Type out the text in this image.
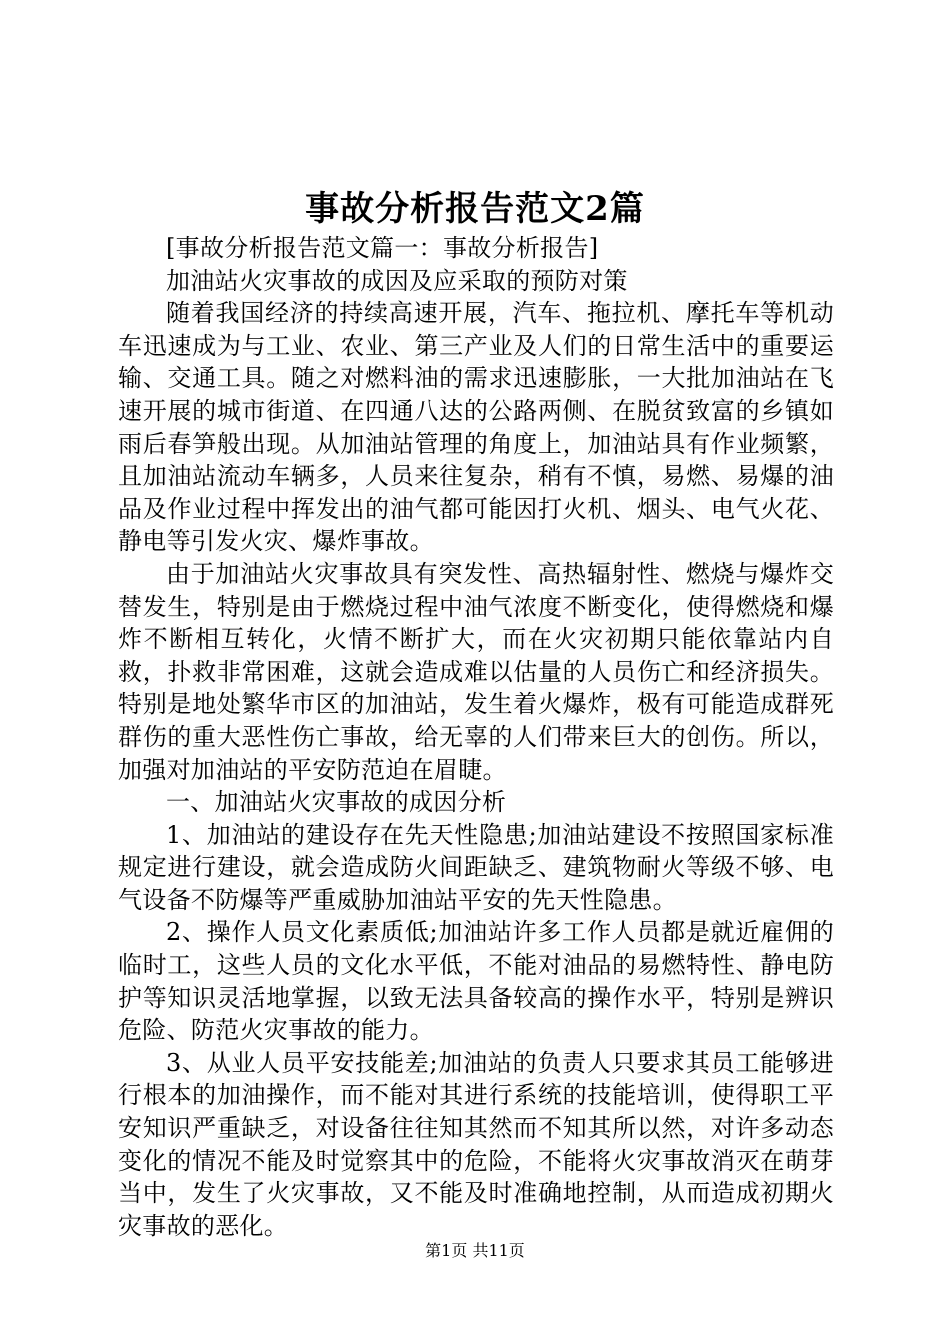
事故分析报告范文2篇

[事故分析报告范文篇一：事故分析报告]

加油站火灾事故的成因及应采取的预防对策

随着我国经济的持续高速开展，汽车、拖拉机、摩托车等机动车迅速成为与工业、农业、第三产业及人们的日常生活中的重要运输、交通工具。随之对燃料油的需求迅速膨胀，一大批加油站在飞速开展的城市街道、在四通八达的公路两侧、在脱贫致富的乡镇如雨后春笋般出现。从加油站管理的角度上，加油站具有作业频繁，且加油站流动车辆多，人员来往复杂，稍有不慎，易燃、易爆的油品及作业过程中挥发出的油气都可能因打火机、烟头、电气火花、静电等引发火灾、爆炸事故。

由于加油站火灾事故具有突发性、高热辐射性、燃烧与爆炸交替发生，特别是由于燃烧过程中油气浓度不断变化，使得燃烧和爆炸不断相互转化，火情不断扩大，而在火灾初期只能依靠站内自救，扑救非常困难，这就会造成难以估量的人员伤亡和经济损失。特别是地处繁华市区的加油站，发生着火爆炸，极有可能造成群死群伤的重大恶性伤亡事故，给无辜的人们带来巨大的创伤。所以，加强对加油站的平安防范迫在眉睫。

一、加油站火灾事故的成因分析

1、加油站的建设存在先天性隐患;加油站建设不按照国家标准规定进行建设，就会造成防火间距缺乏、建筑物耐火等级不够、电气设备不防爆等严重威胁加油站平安的先天性隐患。

2、操作人员文化素质低;加油站许多工作人员都是就近雇佣的临时工，这些人员的文化水平低，不能对油品的易燃特性、静电防护等知识灵活地掌握，以致无法具备较高的操作水平，特别是辨识危险、防范火灾事故的能力。

3、从业人员平安技能差;加油站的负责人只要求其员工能够进行根本的加油操作，而不能对其进行系统的技能培训，使得职工平安知识严重缺乏，对设备往往知其然而不知其所以然，对许多动态变化的情况不能及时觉察其中的危险，不能将火灾事故消灭在萌芽当中，发生了火灾事故，又不能及时准确地控制，从而造成初期火灾事故的恶化。

第1页 共11页
